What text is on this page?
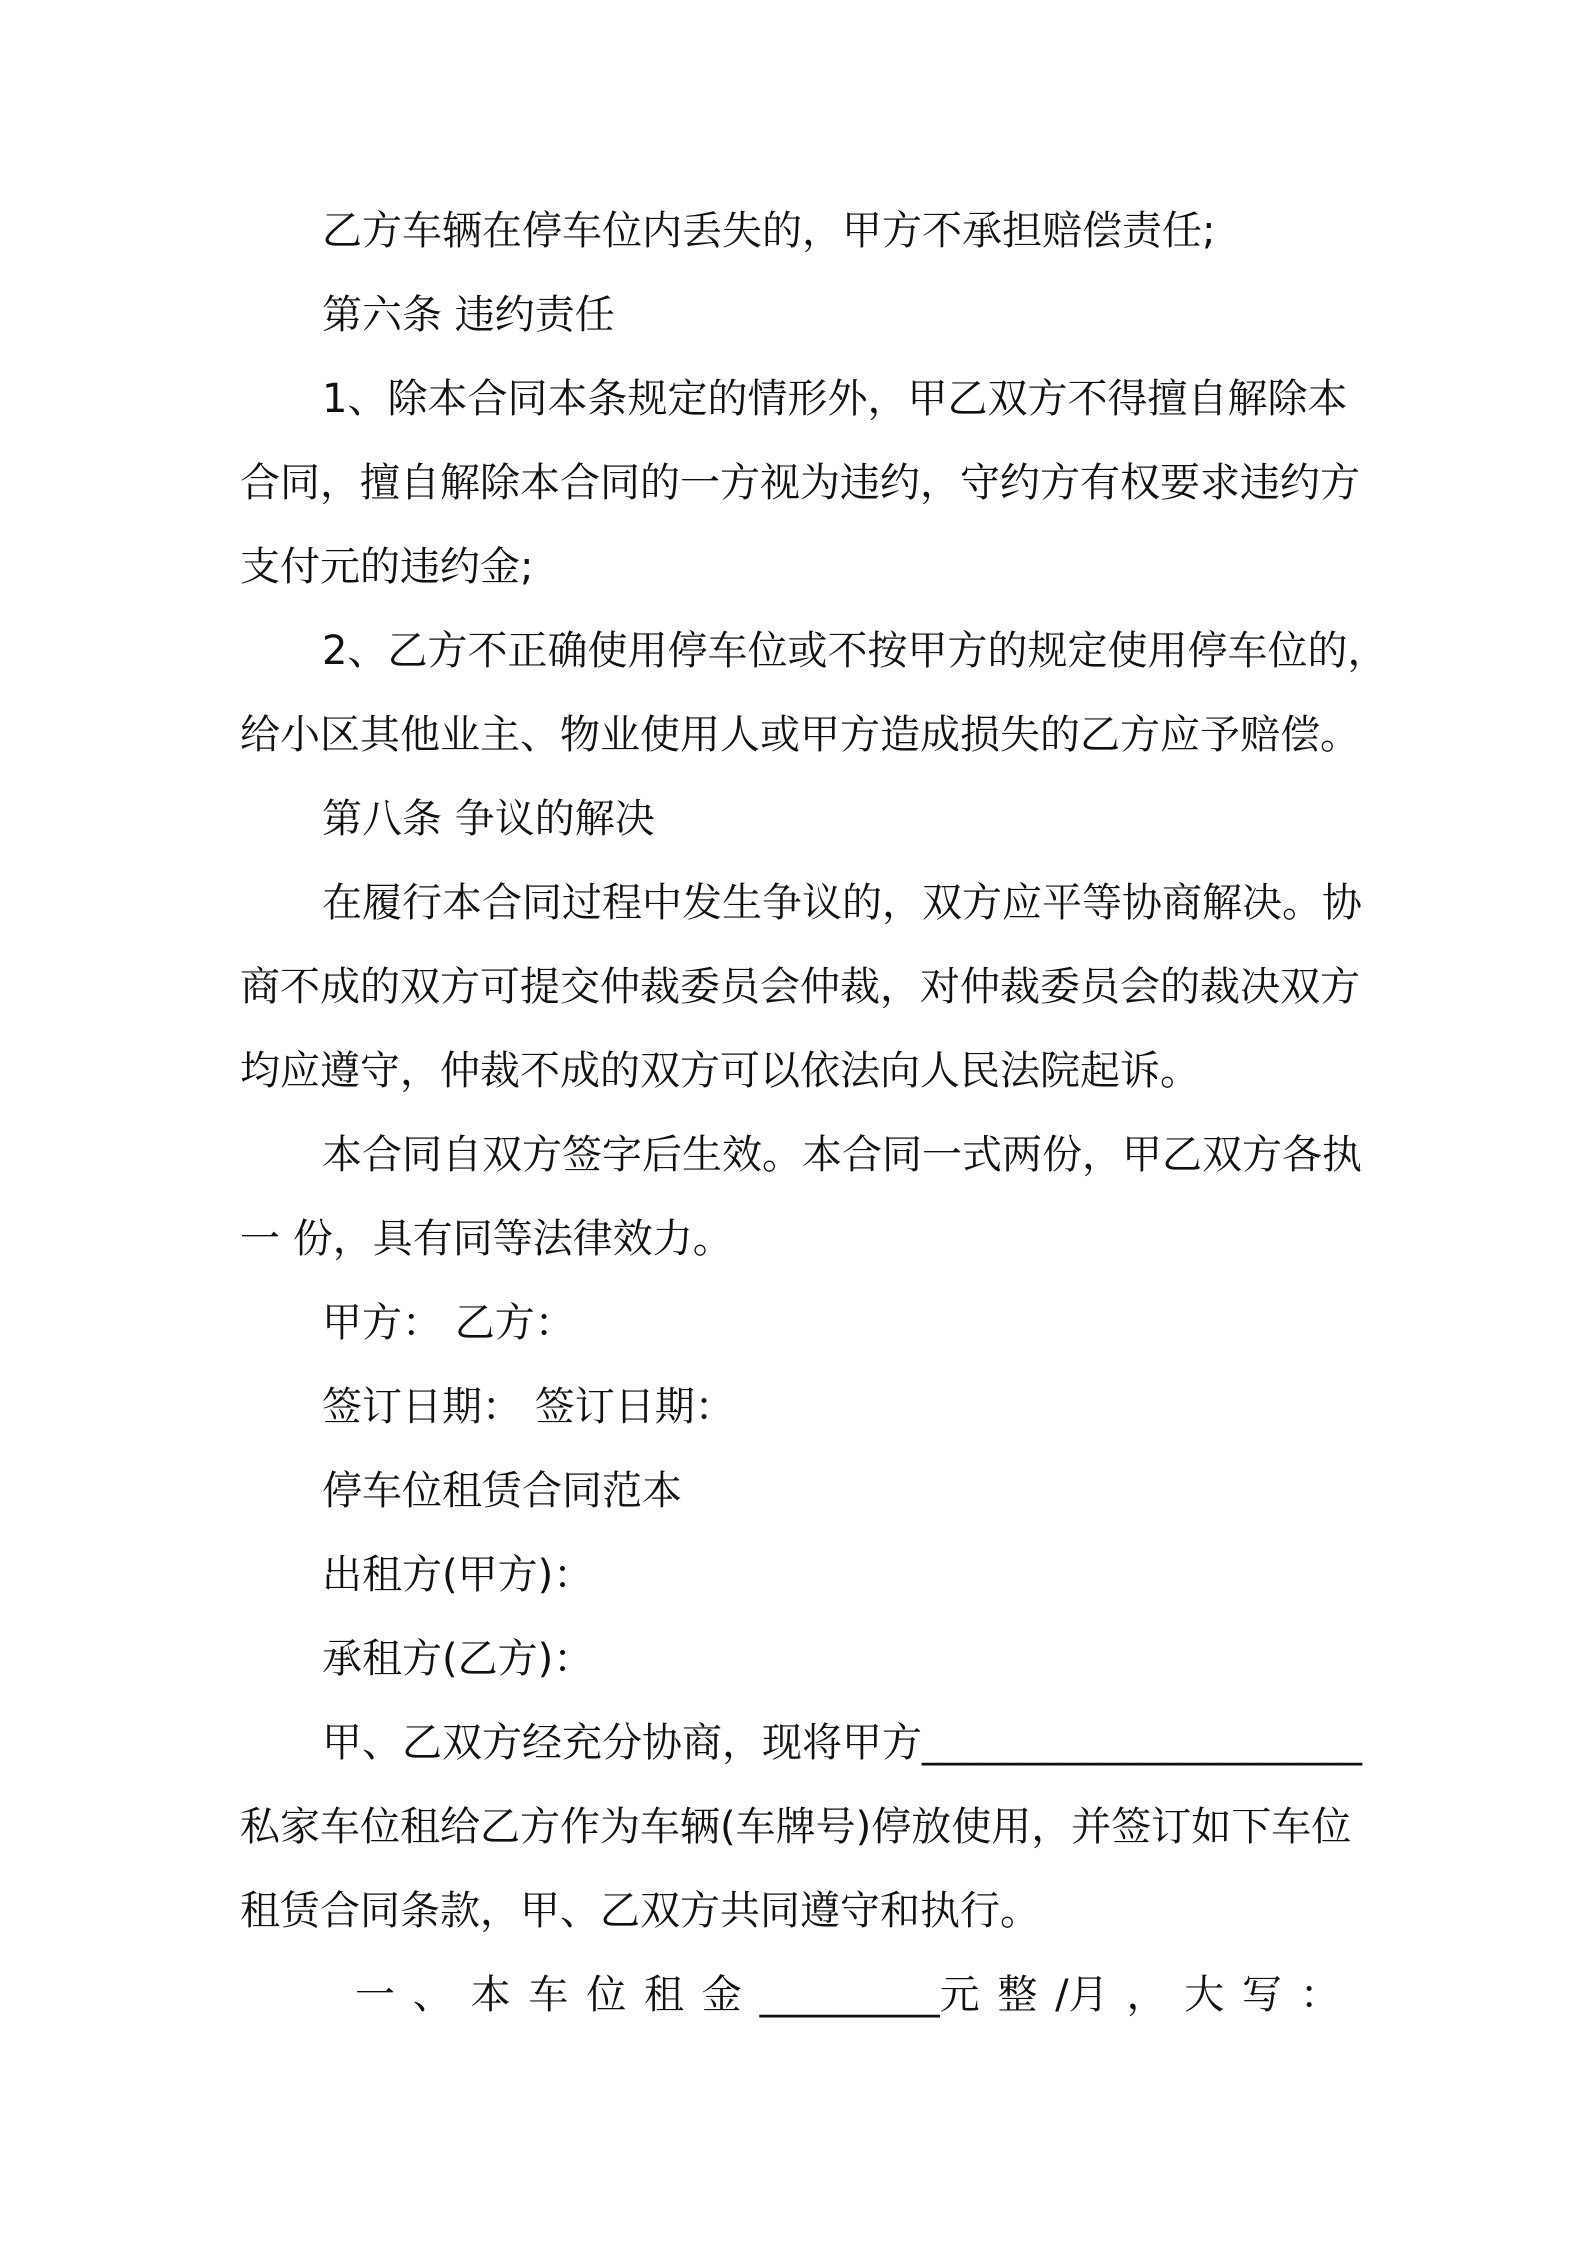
乙方车辆在停车位内丢失的，甲方不承担赔偿责任;
第六条 违约责任
1、除本合同本条规定的情形外，甲乙双方不得擅自解除本
合同，擅自解除本合同的一方视为违约，守约方有权要求违约方
支付元的违约金;
2、乙方不正确使用停车位或不按甲方的规定使用停车位的，
给小区其他业主、物业使用人或甲方造成损失的乙方应予赔偿。
第八条 争议的解决
在履行本合同过程中发生争议的，双方应平等协商解决。协
商不成的双方可提交仲裁委员会仲裁，对仲裁委员会的裁决双方
均应遵守，仲裁不成的双方可以依法向人民法院起诉。
本合同自双方签字后生效。本合同一式两份，甲乙双方各执
一 份，具有同等法律效力。
甲方： 乙方：
签订日期： 签订日期：
停车位租赁合同范本
出租方(甲方)：
承租方(乙方)：
甲、乙双方经充分协商，现将甲方______________________
私家车位租给乙方作为车辆(车牌号)停放使用，并签订如下车位
租赁合同条款，甲、乙双方共同遵守和执行。
一 、 本 车 位 租 金 _________元 整 /月 ， 大 写 ：
